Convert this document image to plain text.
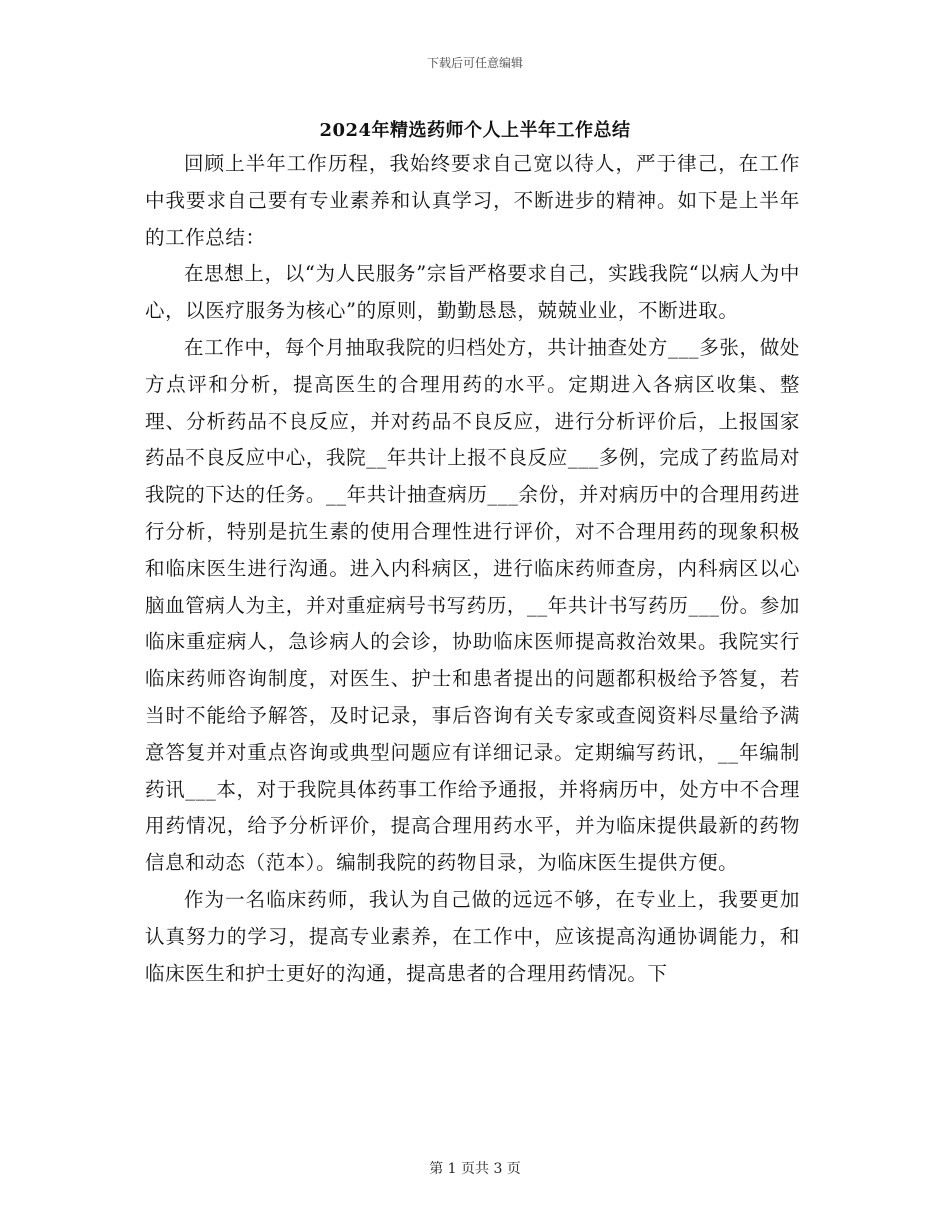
下载后可任意编辑
2024年精选药师个人上半年工作总结

回顾上半年工作历程，我始终要求自己宽以待人，严于律己，在工作中我要求自己要有专业素养和认真学习，不断进步的精神。如下是上半年的工作总结：

在思想上，以“为人民服务”宗旨严格要求自己，实践我院“以病人为中心，以医疗服务为核心”的原则，勤勤恳恳，兢兢业业，不断进取。

在工作中，每个月抽取我院的归档处方，共计抽查处方___多张，做处方点评和分析，提高医生的合理用药的水平。定期进入各病区收集、整理、分析药品不良反应，并对药品不良反应，进行分析评价后，上报国家药品不良反应中心，我院__年共计上报不良反应___多例，完成了药监局对我院的下达的任务。__年共计抽查病历___余份，并对病历中的合理用药进行分析，特别是抗生素的使用合理性进行评价，对不合理用药的现象积极和临床医生进行沟通。进入内科病区，进行临床药师查房，内科病区以心脑血管病人为主，并对重症病号书写药历，__年共计书写药历___份。参加临床重症病人，急诊病人的会诊，协助临床医师提高救治效果。我院实行临床药师咨询制度，对医生、护士和患者提出的问题都积极给予答复，若当时不能给予解答，及时记录，事后咨询有关专家或查阅资料尽量给予满意答复并对重点咨询或典型问题应有详细记录。定期编写药讯，__年编制药讯___本，对于我院具体药事工作给予通报，并将病历中，处方中不合理用药情况，给予分析评价，提高合理用药水平，并为临床提供最新的药物信息和动态（范本）。编制我院的药物目录，为临床医生提供方便。

作为一名临床药师，我认为自己做的远远不够，在专业上，我要更加认真努力的学习，提高专业素养，在工作中，应该提高沟通协调能力，和临床医生和护士更好的沟通，提高患者的合理用药情况。下

第 1 页共 3 页
